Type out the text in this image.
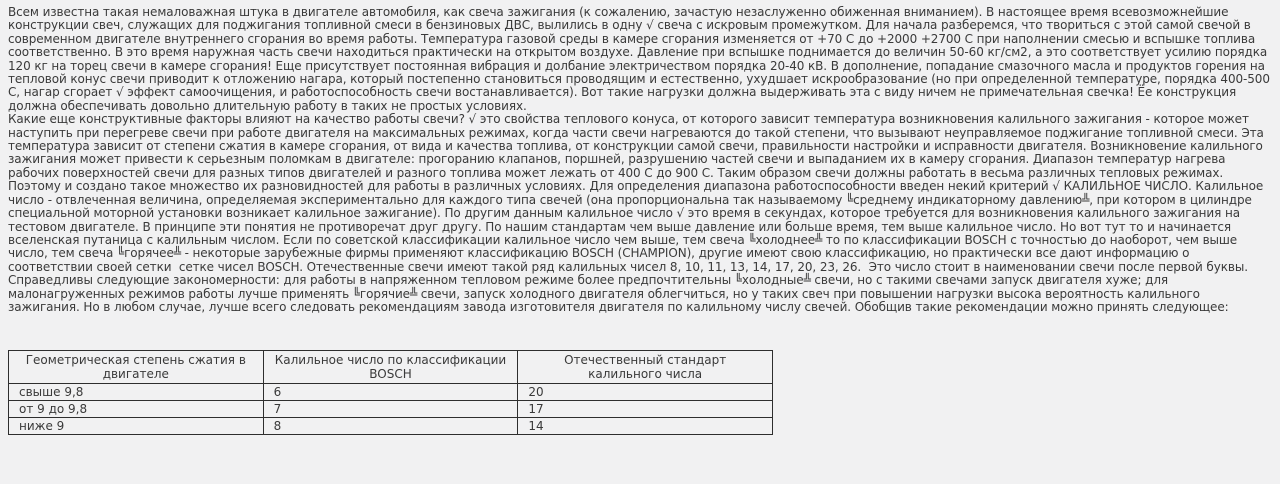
Всем известна такая немаловажная штука в двигателе автомобиля, как свеча зажигания (к сожалению, зачастую незаслуженно обиженная вниманием). В настоящее время всевозможнейшие конструкции свеч, служащих для поджигания топливной смеси в бензиновых ДВС, вылились в одну √ свеча с искровым промежутком. Для начала разберемся, что твориться с этой самой свечой в современном двигателе внутреннего сгорания во время работы. Температура газовой среды в камере сгорания изменяется от +70 С до +2000 +2700 С при наполнении смесью и вспышке топлива соответственно. В это время наружная часть свечи находиться практически на открытом воздухе. Давление при вспышке поднимается до величин 50-60 кг/см2, а это соответствует усилию порядка 120 кг на торец свечи в камере сгорания! Еще присутствует постоянная вибрация и долбание электричеством порядка 20-40 кВ. В дополнение, попадание смазочного масла и продуктов горения на тепловой конус свечи приводит к отложению нагара, который постепенно становиться проводящим и естественно, ухудшает искрообразование (но при определенной температуре, порядка 400-500 С, нагар сгорает √ эффект самоочищения, и работоспособность свечи востанавливается). Вот такие нагрузки должна выдерживать эта с виду ничем не примечательная свечка! Ёе конструкция должна обеспечивать довольно длительную работу в таких не простых условиях.

Какие еще конструктивные факторы влияют на качество работы свечи? √ это свойства теплового конуса, от которого зависит температура возникновения калильного зажигания - которое может наступить при перегреве свечи при работе двигателя на максимальных режимах, когда части свечи нагреваются до такой степени, что вызывают неуправляемое поджигание топливной смеси. Эта температура зависит от степени сжатия в камере сгорания, от вида и качества топлива, от конструкции самой свечи, правильности настройки и исправности двигателя. Возникновение калильного зажигания может привести к серьезным поломкам в двигателе: прогоранию клапанов, поршней, разрушению частей свечи и выпаданием их в камеру сгорания. Диапазон температур нагрева рабочих поверхностей свечи для разных типов двигателей и разного топлива может лежать от 400 С до 900 С. Таким образом свечи должны работать в весьма различных тепловых режимах. Поэтому и создано такое множество их разновидностей для работы в различных условиях. Для определения диапазона работоспособности введен некий критерий √ КАЛИЛЬНОЕ ЧИСЛО. Калильное число - отвлеченная величина, определяемая экспериментально для каждого типа свечей (она пропорциональна так называемому ╚среднему индикаторному давлению╩, при котором в цилиндре специальной моторной установки возникает калильное зажигание). По другим данным калильное число √ это время в секундах, которое требуется для возникновения калильного зажигания на тестовом двигателе. В принципе эти понятия не противоречат друг другу. По нашим стандартам чем выше давление или больше время, тем выше калильное число. Но вот тут то и начинается вселенская путаница с калильным числом. Если по советской классификации калильное число чем выше, тем свеча ╚холоднее╩ то по классификации BOSCH с точностью до наоборот, чем выше число, тем свеча ╚горячее╩ - некоторые зарубежные фирмы применяют классификацию BOSCH (CHAMPION), другие имеют свою классификацию, но практически все дают информацию о соответствии своей сетки  сетке чисел BOSCH. Отечественные свечи имеют такой ряд калильных чисел 8, 10, 11, 13, 14, 17, 20, 23, 26.  Это число стоит в наименовании свечи после первой буквы. Справедливы следующие закономерности: для работы в напряженном тепловом режиме более предпочтительны ╚холодные╩ свечи, но с такими свечами запуск двигателя хуже; для малонагруженных режимов работы лучше применять ╚горячие╩ свечи, запуск холодного двигателя облегчиться, но у таких свеч при повышении нагрузки высока вероятность калильного зажигания. Но в любом случае, лучше всего следовать рекомендациям завода изготовителя двигателя по калильному числу свечей. Обобщив такие рекомендации можно принять следующее:

Геометрическая степень сжатия в двигателе	Калильное число по классификации BOSCH	Отечественный стандарт калильного числа
свыше 9,8	6	20
от 9 до 9,8	7	17
ниже 9	8	14
